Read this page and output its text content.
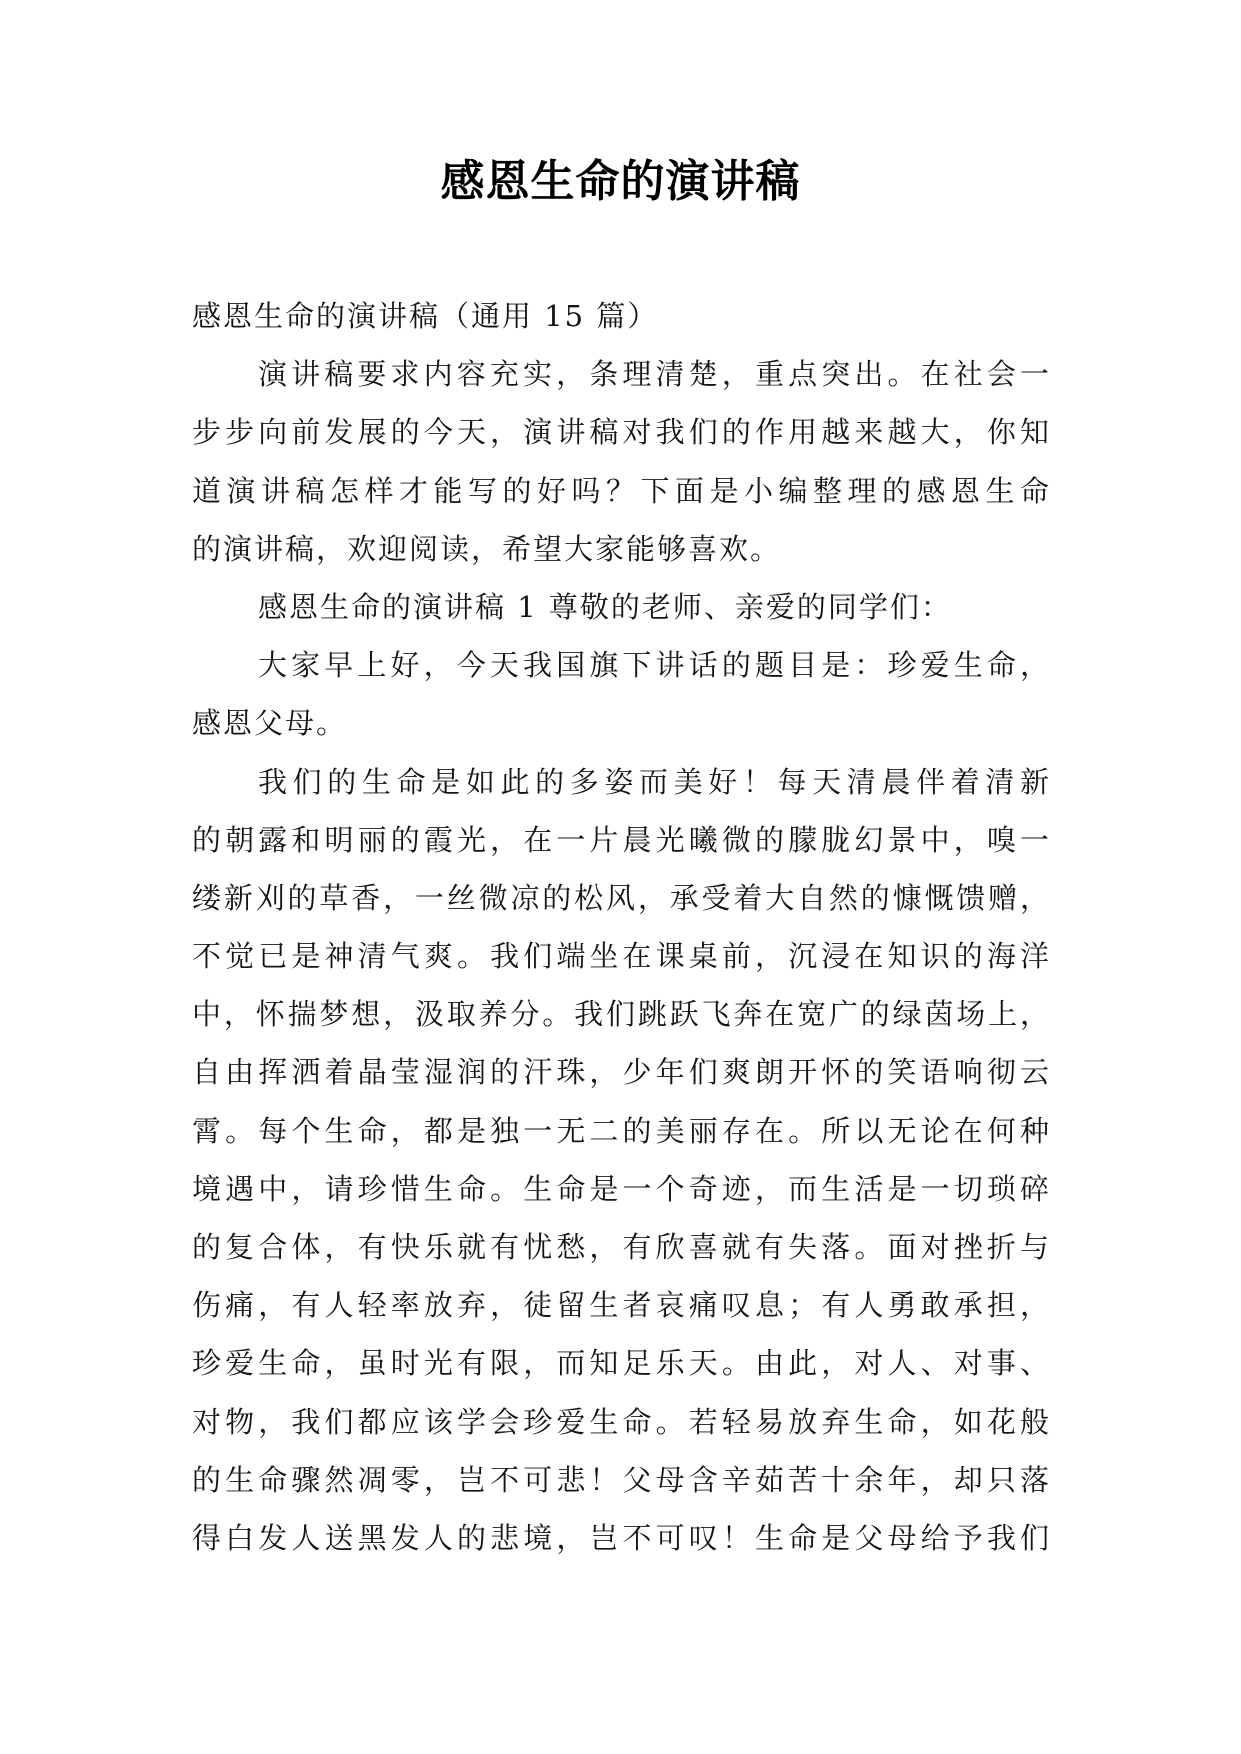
感恩生命的演讲稿
感恩生命的演讲稿（通用 15 篇）
演讲稿要求内容充实，条理清楚，重点突出。在社会一
步步向前发展的今天，演讲稿对我们的作用越来越大，你知
道演讲稿怎样才能写的好吗？下面是小编整理的感恩生命
的演讲稿，欢迎阅读，希望大家能够喜欢。
感恩生命的演讲稿 1 尊敬的老师、亲爱的同学们：
大家早上好，今天我国旗下讲话的题目是：珍爱生命，
感恩父母。
我们的生命是如此的多姿而美好！每天清晨伴着清新
的朝露和明丽的霞光，在一片晨光曦微的朦胧幻景中，嗅一
缕新刈的草香，一丝微凉的松风，承受着大自然的慷慨馈赠，
不觉已是神清气爽。我们端坐在课桌前，沉浸在知识的海洋
中，怀揣梦想，汲取养分。我们跳跃飞奔在宽广的绿茵场上，
自由挥洒着晶莹湿润的汗珠，少年们爽朗开怀的笑语响彻云
霄。每个生命，都是独一无二的美丽存在。所以无论在何种
境遇中，请珍惜生命。生命是一个奇迹，而生活是一切琐碎
的复合体，有快乐就有忧愁，有欣喜就有失落。面对挫折与
伤痛，有人轻率放弃，徒留生者哀痛叹息；有人勇敢承担，
珍爱生命，虽时光有限，而知足乐天。由此，对人、对事、
对物，我们都应该学会珍爱生命。若轻易放弃生命，如花般
的生命骤然凋零，岂不可悲！父母含辛茹苦十余年，却只落
得白发人送黑发人的悲境，岂不可叹！生命是父母给予我们
